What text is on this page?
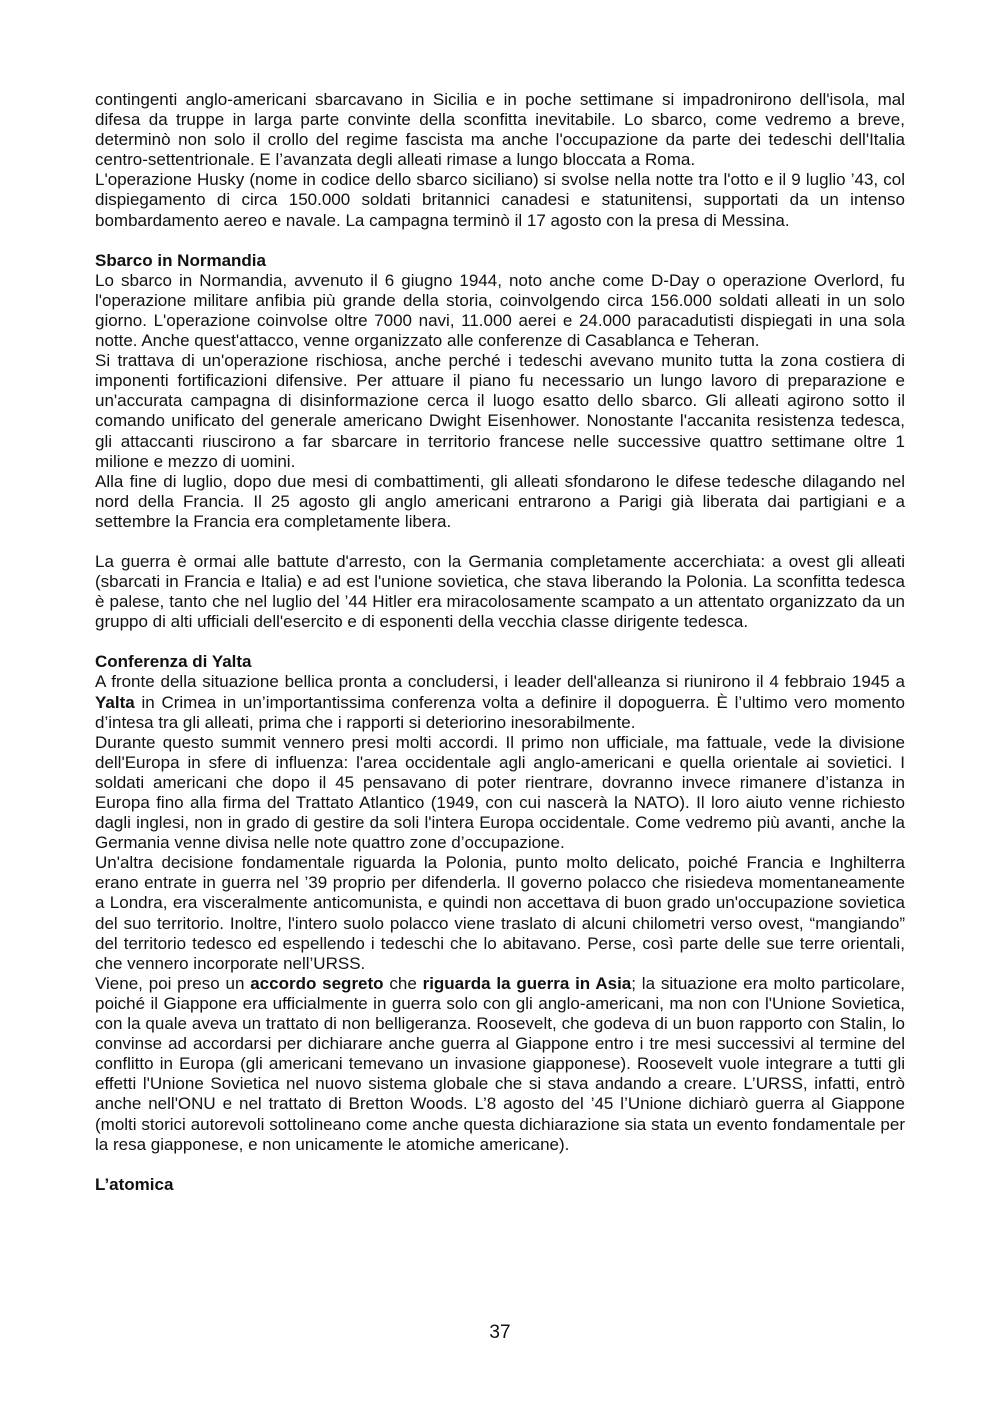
contingenti anglo-americani sbarcavano in Sicilia e in poche settimane si impadronirono dell'isola, mal difesa da truppe in larga parte convinte della sconfitta inevitabile. Lo sbarco, come vedremo a breve, determinò non solo il crollo del regime fascista ma anche l'occupazione da parte dei tedeschi dell'Italia centro-settentrionale. E l’avanzata degli alleati rimase a lungo bloccata a Roma.

L'operazione Husky (nome in codice dello sbarco siciliano) si svolse nella notte tra l'otto e il 9 luglio ’43, col dispiegamento di circa 150.000 soldati britannici canadesi e statunitensi, supportati da un intenso bombardamento aereo e navale. La campagna terminò il 17 agosto con la presa di Messina.

Sbarco in Normandia

Lo sbarco in Normandia, avvenuto il 6 giugno 1944, noto anche come D-Day o operazione Overlord, fu l'operazione militare anfibia più grande della storia, coinvolgendo circa 156.000 soldati alleati in un solo giorno. L'operazione coinvolse oltre 7000 navi, 11.000 aerei e 24.000 paracadutisti dispiegati in una sola notte. Anche quest'attacco, venne organizzato alle conferenze di Casablanca e Teheran.

Si trattava di un'operazione rischiosa, anche perché i tedeschi avevano munito tutta la zona costiera di imponenti fortificazioni difensive. Per attuare il piano fu necessario un lungo lavoro di preparazione e un'accurata campagna di disinformazione cerca il luogo esatto dello sbarco. Gli alleati agirono sotto il comando unificato del generale americano Dwight Eisenhower. Nonostante l'accanita resistenza tedesca, gli attaccanti riuscirono a far sbarcare in territorio francese nelle successive quattro settimane oltre 1 milione e mezzo di uomini.

Alla fine di luglio, dopo due mesi di combattimenti, gli alleati sfondarono le difese tedesche dilagando nel nord della Francia. Il 25 agosto gli anglo americani entrarono a Parigi già liberata dai partigiani e a settembre la Francia era completamente libera.

La guerra è ormai alle battute d'arresto, con la Germania completamente accerchiata: a ovest gli alleati (sbarcati in Francia e Italia) e ad est l'unione sovietica, che stava liberando la Polonia. La sconfitta tedesca è palese, tanto che nel luglio del ’44 Hitler era miracolosamente scampato a un attentato organizzato da un gruppo di alti ufficiali dell'esercito e di esponenti della vecchia classe dirigente tedesca.

Conferenza di Yalta

A fronte della situazione bellica pronta a concludersi, i leader dell'alleanza si riunirono il 4 febbraio 1945 a Yalta in Crimea in un’importantissima conferenza volta a definire il dopoguerra. È l’ultimo vero momento d’intesa tra gli alleati, prima che i rapporti si deteriorino inesorabilmente.

Durante questo summit vennero presi molti accordi. Il primo non ufficiale, ma fattuale, vede la divisione dell'Europa in sfere di influenza: l'area occidentale agli anglo-americani e quella orientale ai sovietici. I soldati americani che dopo il 45 pensavano di poter rientrare, dovranno invece rimanere d’istanza in Europa fino alla firma del Trattato Atlantico (1949, con cui nascerà la NATO). Il loro aiuto venne richiesto dagli inglesi, non in grado di gestire da soli l'intera Europa occidentale. Come vedremo più avanti, anche la Germania venne divisa nelle note quattro zone d’occupazione.

Un'altra decisione fondamentale riguarda la Polonia, punto molto delicato, poiché Francia e Inghilterra erano entrate in guerra nel ’39 proprio per difenderla. Il governo polacco che risiedeva momentaneamente a Londra, era visceralmente anticomunista, e quindi non accettava di buon grado un'occupazione sovietica del suo territorio. Inoltre, l'intero suolo polacco viene traslato di alcuni chilometri verso ovest, “mangiando” del territorio tedesco ed espellendo i tedeschi che lo abitavano. Perse, così parte delle sue terre orientali, che vennero incorporate nell’URSS.

Viene, poi preso un accordo segreto che riguarda la guerra in Asia; la situazione era molto particolare, poiché il Giappone era ufficialmente in guerra solo con gli anglo-americani, ma non con l'Unione Sovietica, con la quale aveva un trattato di non belligeranza. Roosevelt, che godeva di un buon rapporto con Stalin, lo convinse ad accordarsi per dichiarare anche guerra al Giappone entro i tre mesi successivi al termine del conflitto in Europa (gli americani temevano un invasione giapponese). Roosevelt vuole integrare a tutti gli effetti l'Unione Sovietica nel nuovo sistema globale che si stava andando a creare. L’URSS, infatti, entrò anche nell'ONU e nel trattato di Bretton Woods. L’8 agosto del ’45 l’Unione dichiarò guerra al Giappone (molti storici autorevoli sottolineano come anche questa dichiarazione sia stata un evento fondamentale per la resa giapponese, e non unicamente le atomiche americane).

L’atomica

37
